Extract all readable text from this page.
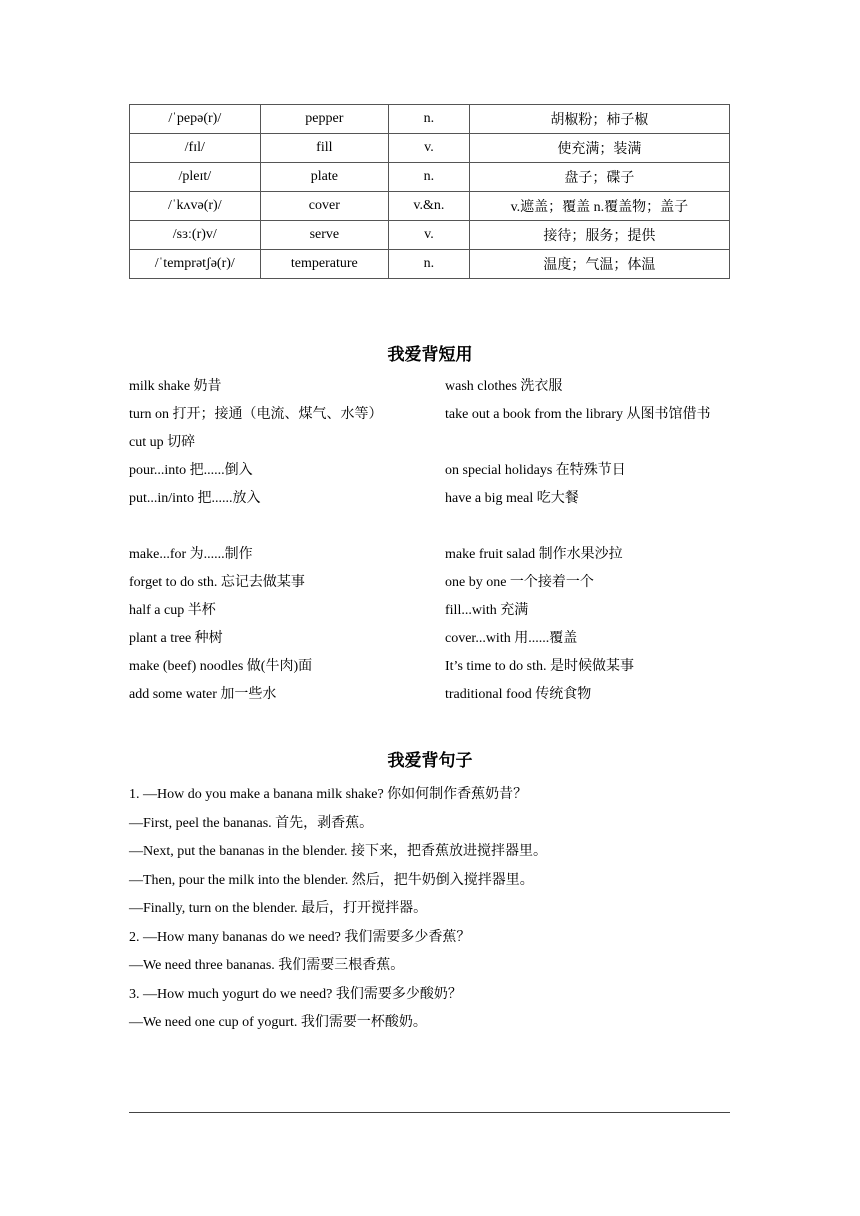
/ˈpepə(r)/	pepper	n.	胡椒粉；柿子椒
/fɪl/	fill	v.	使充满；装满
/pleɪt/	plate	n.	盘子；碟子
/ˈkʌvə(r)/	cover	v.&n.	v.遮盖；覆盖 n.覆盖物；盖子
/sɜː(r)v/	serve	v.	接待；服务；提供
/ˈtemprətʃə(r)/	temperature	n.	温度；气温；体温
我爱背短用
milk shake 奶昔	wash clothes 洗衣服
turn on 打开；接通（电流、煤气、水等）	take out a book from the library 从图书馆借书
cut up 切碎
pour...into 把......倒入	on special holidays 在特殊节日
put...in/into 把......放入	have a big meal 吃大餐
make...for 为......制作	make fruit salad 制作水果沙拉
forget to do sth. 忘记去做某事	one by one 一个接着一个
half a cup 半杯	fill...with 充满
plant a tree 种树	cover...with 用......覆盖
make (beef) noodles 做(牛肉)面	It’s time to do sth. 是时候做某事
add some water 加一些水	traditional food 传统食物
我爱背句子
1. —How do you make a banana milk shake? 你如何制作香蕉奶昔？
—First, peel the bananas. 首先，剥香蕉。
—Next, put the bananas in the blender. 接下来，把香蕉放进搅拌器里。
—Then, pour the milk into the blender. 然后，把牛奶倒入搅拌器里。
—Finally, turn on the blender. 最后，打开搅拌器。
2. —How many bananas do we need? 我们需要多少香蕉？
—We need three bananas. 我们需要三根香蕉。
3. —How much yogurt do we need? 我们需要多少酸奶？
—We need one cup of yogurt. 我们需要一杯酸奶。
